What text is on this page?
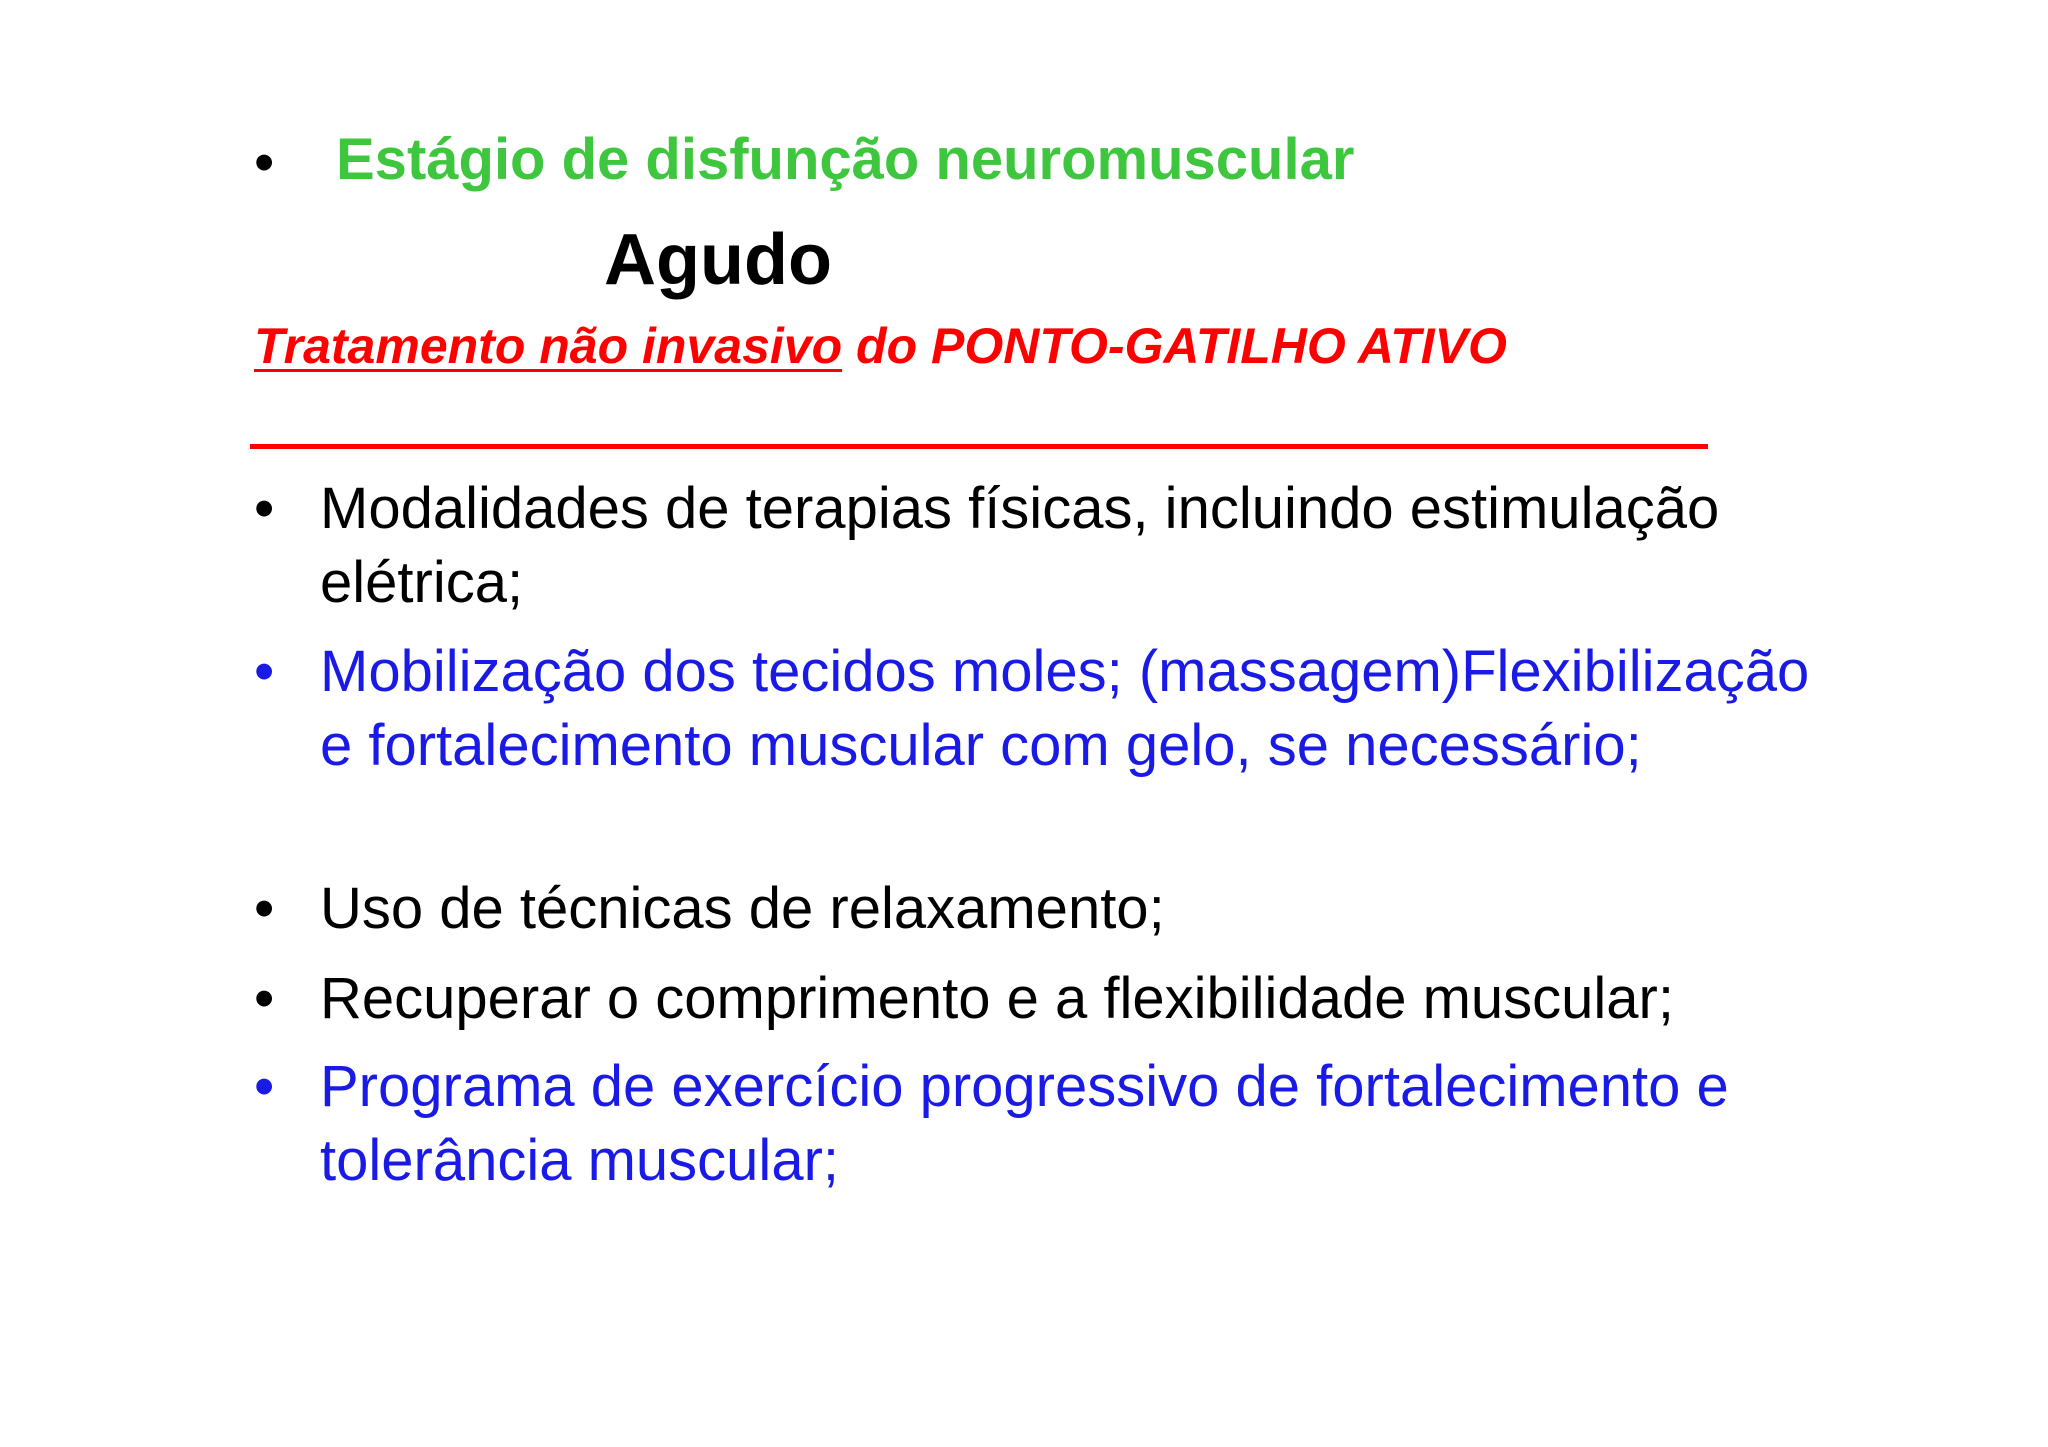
• Estágio de disfunção neuromuscular
Agudo
Tratamento não invasivo do PONTO-GATILHO ATIVO
• Modalidades de terapias físicas, incluindo estimulação elétrica;
• Mobilização dos tecidos moles; (massagem)Flexibilização e fortalecimento muscular com gelo, se necessário;
• Uso de técnicas de relaxamento;
• Recuperar o comprimento e a flexibilidade muscular;
• Programa de exercício progressivo de fortalecimento e tolerância muscular;
